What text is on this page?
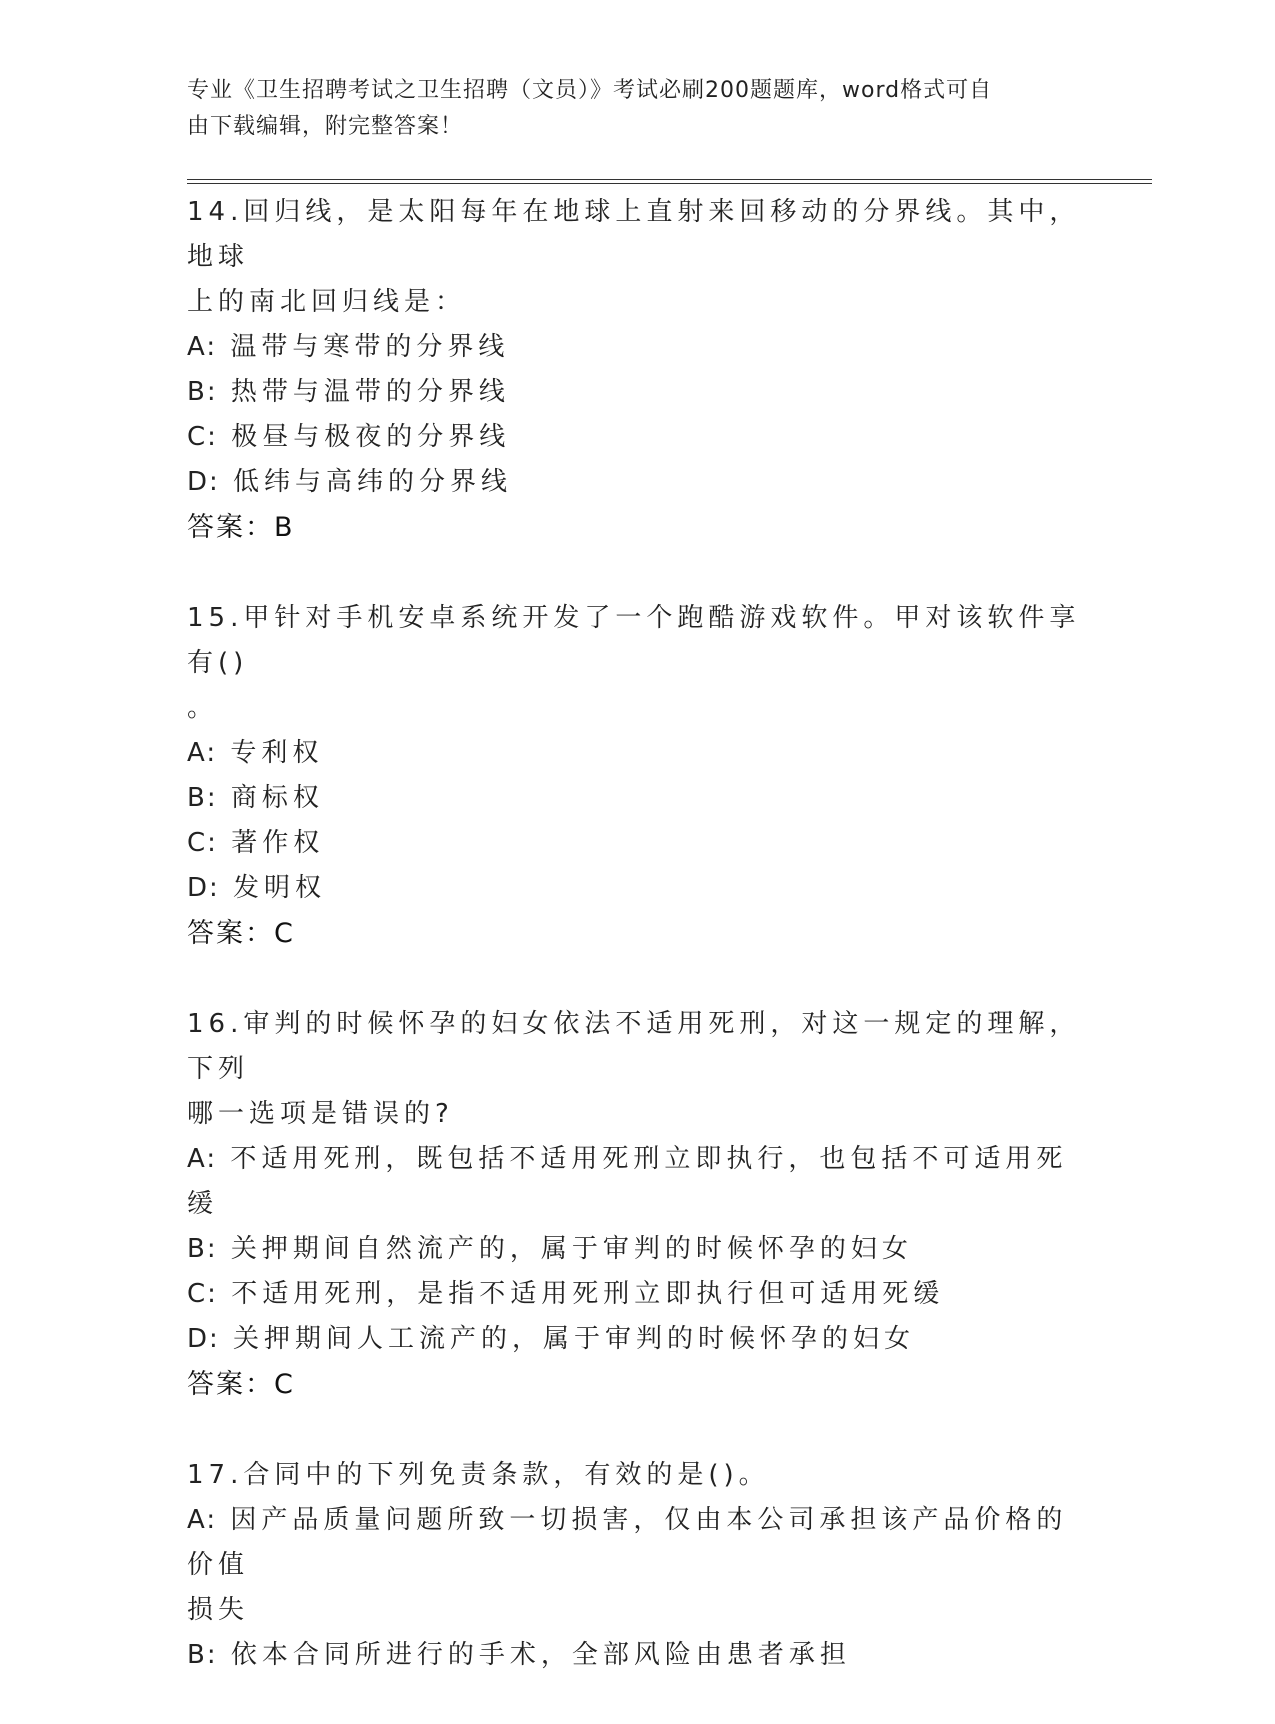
专业《卫生招聘考试之卫生招聘（文员）》考试必刷200题题库，word格式可自
由下载编辑，附完整答案！
14.回归线，是太阳每年在地球上直射来回移动的分界线。其中，地球
上的南北回归线是：
A: 温带与寒带的分界线
B: 热带与温带的分界线
C: 极昼与极夜的分界线
D: 低纬与高纬的分界线
答案：B
15.甲针对手机安卓系统开发了一个跑酷游戏软件。甲对该软件享有()
。
A: 专利权
B: 商标权
C: 著作权
D: 发明权
答案：C
16.审判的时候怀孕的妇女依法不适用死刑，对这一规定的理解，下列
哪一选项是错误的?
A: 不适用死刑，既包括不适用死刑立即执行，也包括不可适用死缓
B: 关押期间自然流产的，属于审判的时候怀孕的妇女
C: 不适用死刑，是指不适用死刑立即执行但可适用死缓
D: 关押期间人工流产的，属于审判的时候怀孕的妇女
答案：C
17.合同中的下列免责条款，有效的是()。
A: 因产品质量问题所致一切损害，仅由本公司承担该产品价格的价值
损失
B: 依本合同所进行的手术，全部风险由患者承担
